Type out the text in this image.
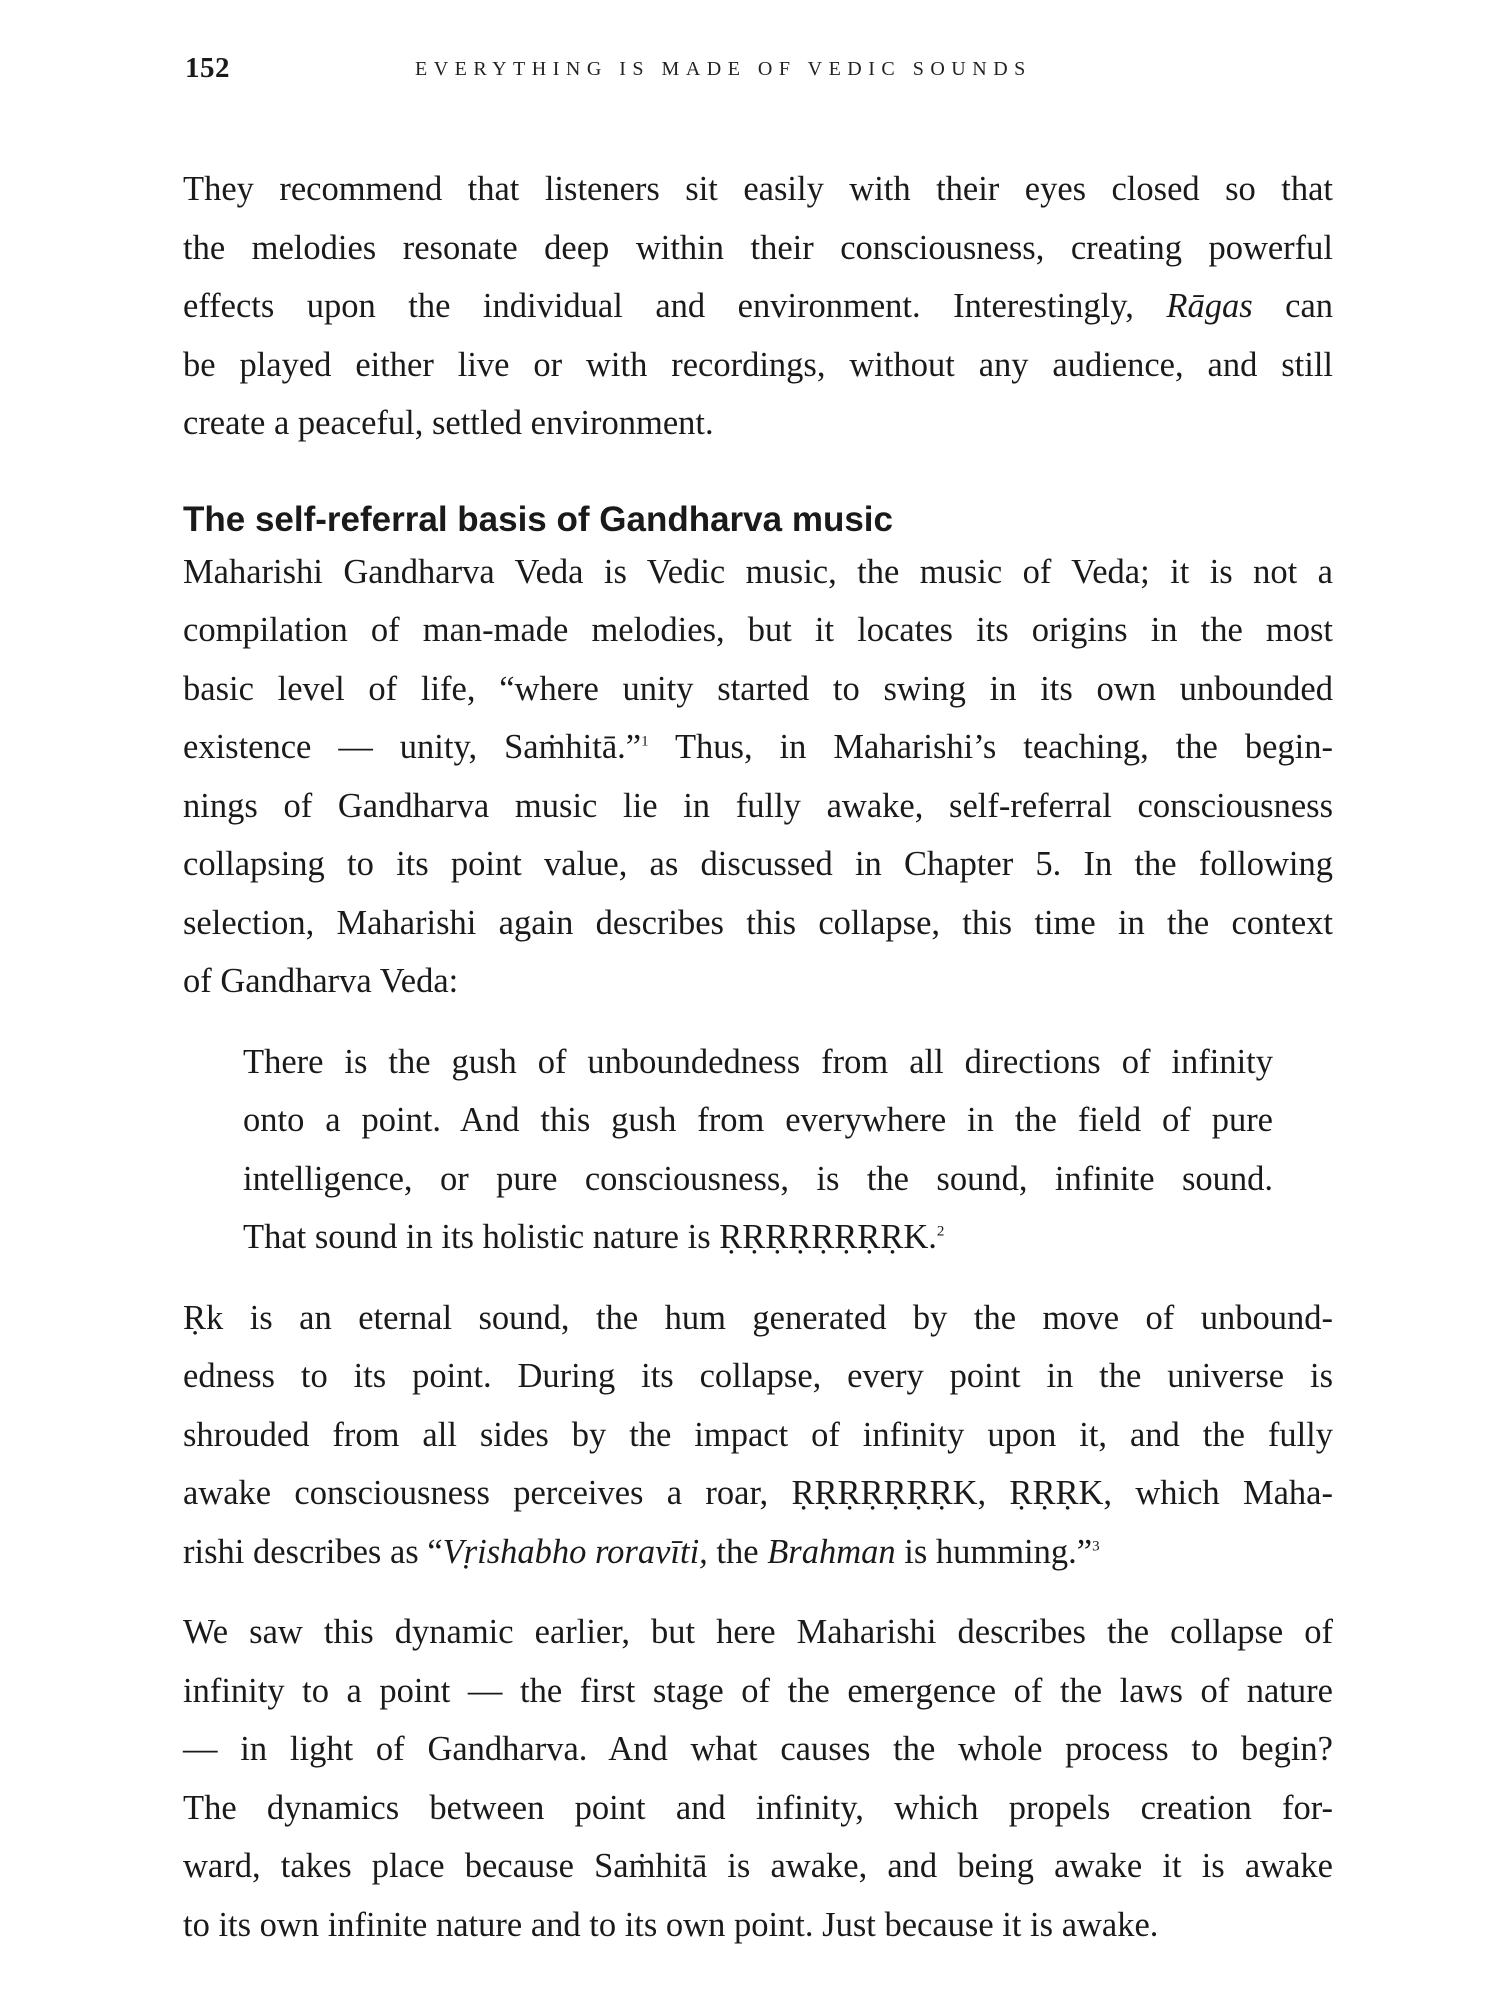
152	EVERYTHING IS MADE OF VEDIC SOUNDS

They recommend that listeners sit easily with their eyes closed so that
the melodies resonate deep within their consciousness, creating powerful
effects upon the individual and environment. Interestingly, Rāgas can
be played either live or with recordings, without any audience, and still
create a peaceful, settled environment.

The self-referral basis of Gandharva music

Maharishi Gandharva Veda is Vedic music, the music of Veda; it is not a
compilation of man-made melodies, but it locates its origins in the most
basic level of life, “where unity started to swing in its own unbounded
existence — unity, Saṁhitā.”$^1$ Thus, in Maharishi’s teaching, the begin-
nings of Gandharva music lie in fully awake, self-referral consciousness
collapsing to its point value, as discussed in Chapter 5. In the following
selection, Maharishi again describes this collapse, this time in the context
of Gandharva Veda:

There is the gush of unboundedness from all directions of infinity
onto a point. And this gush from everywhere in the field of pure
intelligence, or pure consciousness, is the sound, infinite sound.
That sound in its holistic nature is ṚṚṚṚṚṚṚṚK.$^2$

Ṛk is an eternal sound, the hum generated by the move of unbound-
edness to its point. During its collapse, every point in the universe is
shrouded from all sides by the impact of infinity upon it, and the fully
awake consciousness perceives a roar, ṚṚṚṚṚṚṚK, ṚṚṚK, which Maha-
rishi describes as “Vṛishabho roravīti, the Brahman is humming.”$^3$

We saw this dynamic earlier, but here Maharishi describes the collapse of
infinity to a point — the first stage of the emergence of the laws of nature
— in light of Gandharva. And what causes the whole process to begin?
The dynamics between point and infinity, which propels creation for-
ward, takes place because Saṁhitā is awake, and being awake it is awake
to its own infinite nature and to its own point. Just because it is awake.
